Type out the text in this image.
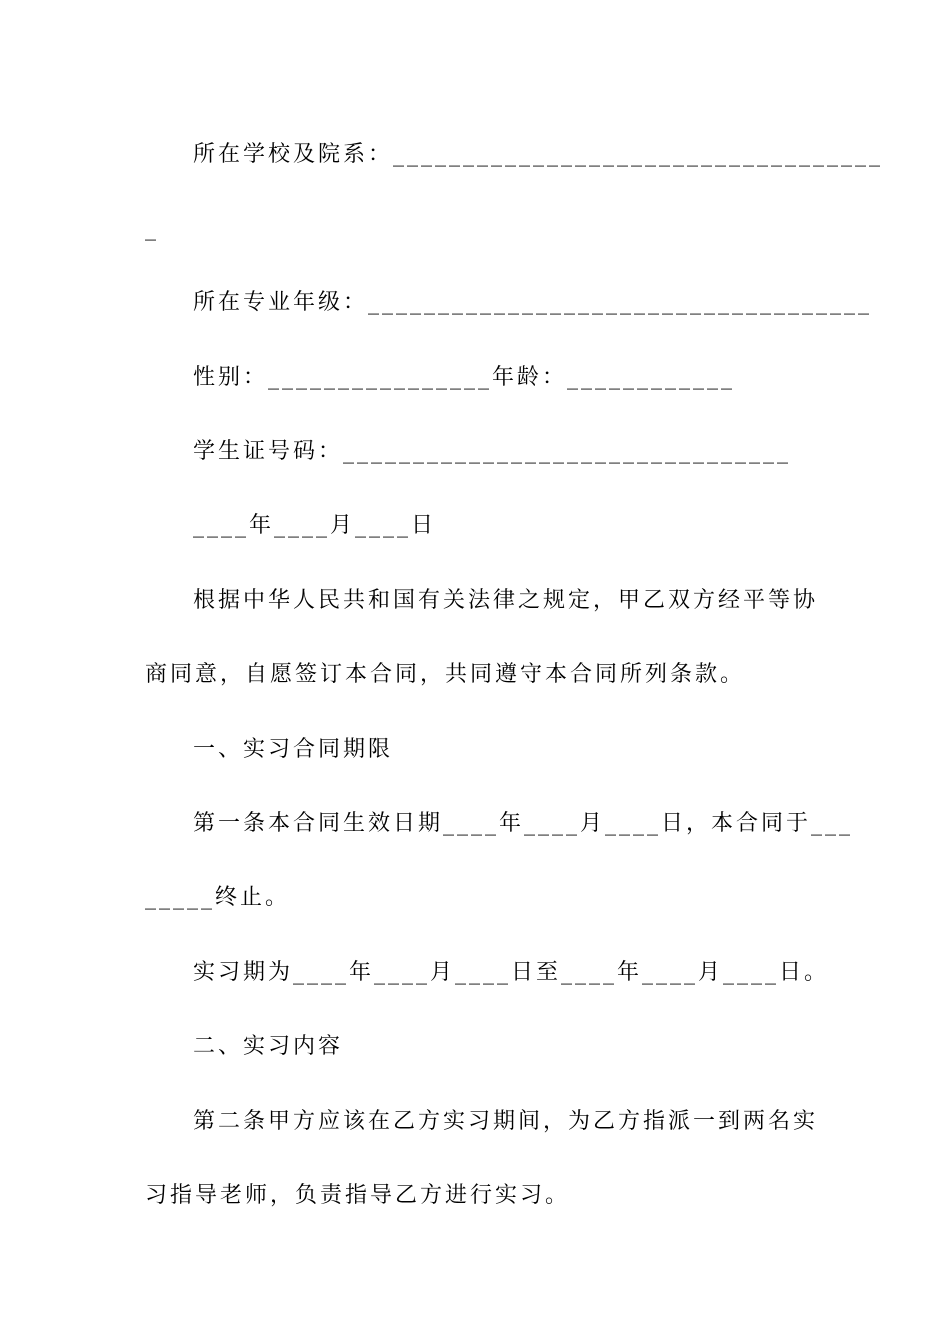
所在学校及院系：___________________________________
_
所在专业年级：____________________________________
性别：________________年龄：____________
学生证号码：________________________________
____年____月____日
根据中华人民共和国有关法律之规定，甲乙双方经平等协
商同意，自愿签订本合同，共同遵守本合同所列条款。
一、实习合同期限
第一条本合同生效日期____年____月____日，本合同于___
_____终止。
实习期为____年____月____日至____年____月____日。
二、实习内容
第二条甲方应该在乙方实习期间，为乙方指派一到两名实
习指导老师，负责指导乙方进行实习。
